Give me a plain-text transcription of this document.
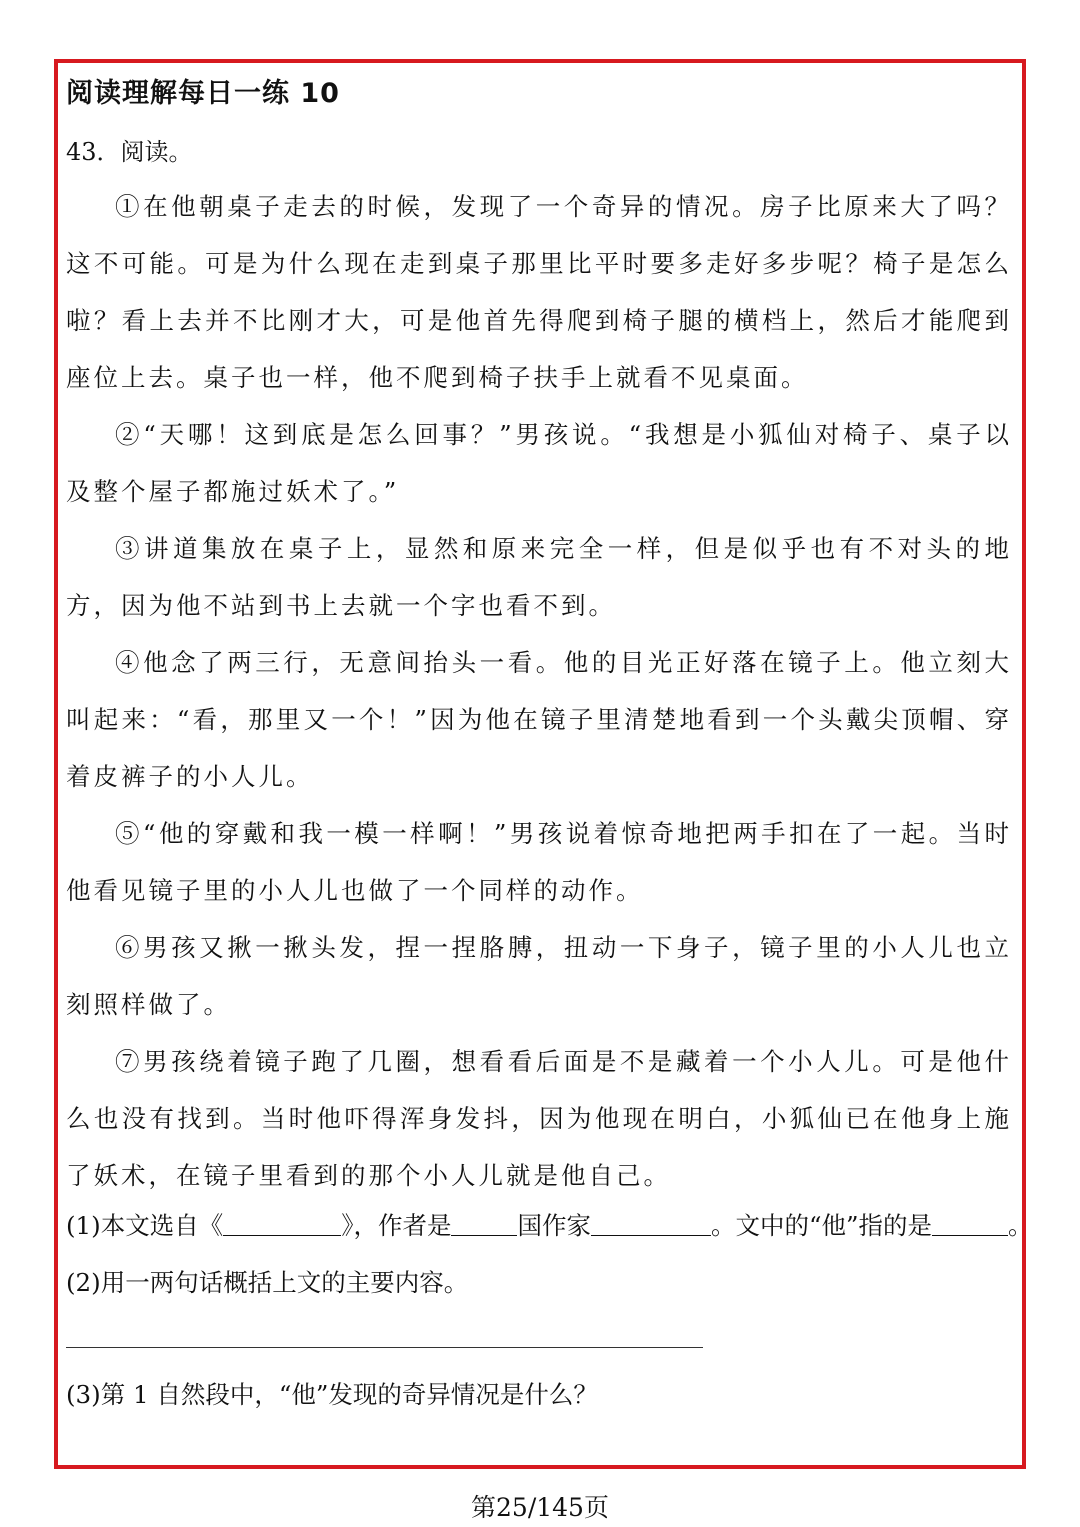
阅读理解每日一练 10
43．阅读。

①在他朝桌子走去的时候，发现了一个奇异的情况。房子比原来大了吗？这不可能。可是为什么现在走到桌子那里比平时要多走好多步呢？椅子是怎么啦？看上去并不比刚才大，可是他首先得爬到椅子腿的横档上，然后才能爬到座位上去。桌子也一样，他不爬到椅子扶手上就看不见桌面。

②“天哪！这到底是怎么回事？”男孩说。“我想是小狐仙对椅子、桌子以及整个屋子都施过妖术了。”

③讲道集放在桌子上，显然和原来完全一样，但是似乎也有不对头的地方，因为他不站到书上去就一个字也看不到。

④他念了两三行，无意间抬头一看。他的目光正好落在镜子上。他立刻大叫起来：“看，那里又一个！”因为他在镜子里清楚地看到一个头戴尖顶帽、穿着皮裤子的小人儿。

⑤“他的穿戴和我一模一样啊！”男孩说着惊奇地把两手扣在了一起。当时他看见镜子里的小人儿也做了一个同样的动作。

⑥男孩又揪一揪头发，捏一捏胳膊，扭动一下身子，镜子里的小人儿也立刻照样做了。

⑦男孩绕着镜子跑了几圈，想看看后面是不是藏着一个小人儿。可是他什么也没有找到。当时他吓得浑身发抖，因为他现在明白，小狐仙已在他身上施了妖术，在镜子里看到的那个小人儿就是他自己。

(1)本文选自《	》，作者是	国作家	。文中的“他”指的是	。
(2)用一两句话概括上文的主要内容。
(3)第 1 自然段中，“他”发现的奇异情况是什么？
第25/145页
